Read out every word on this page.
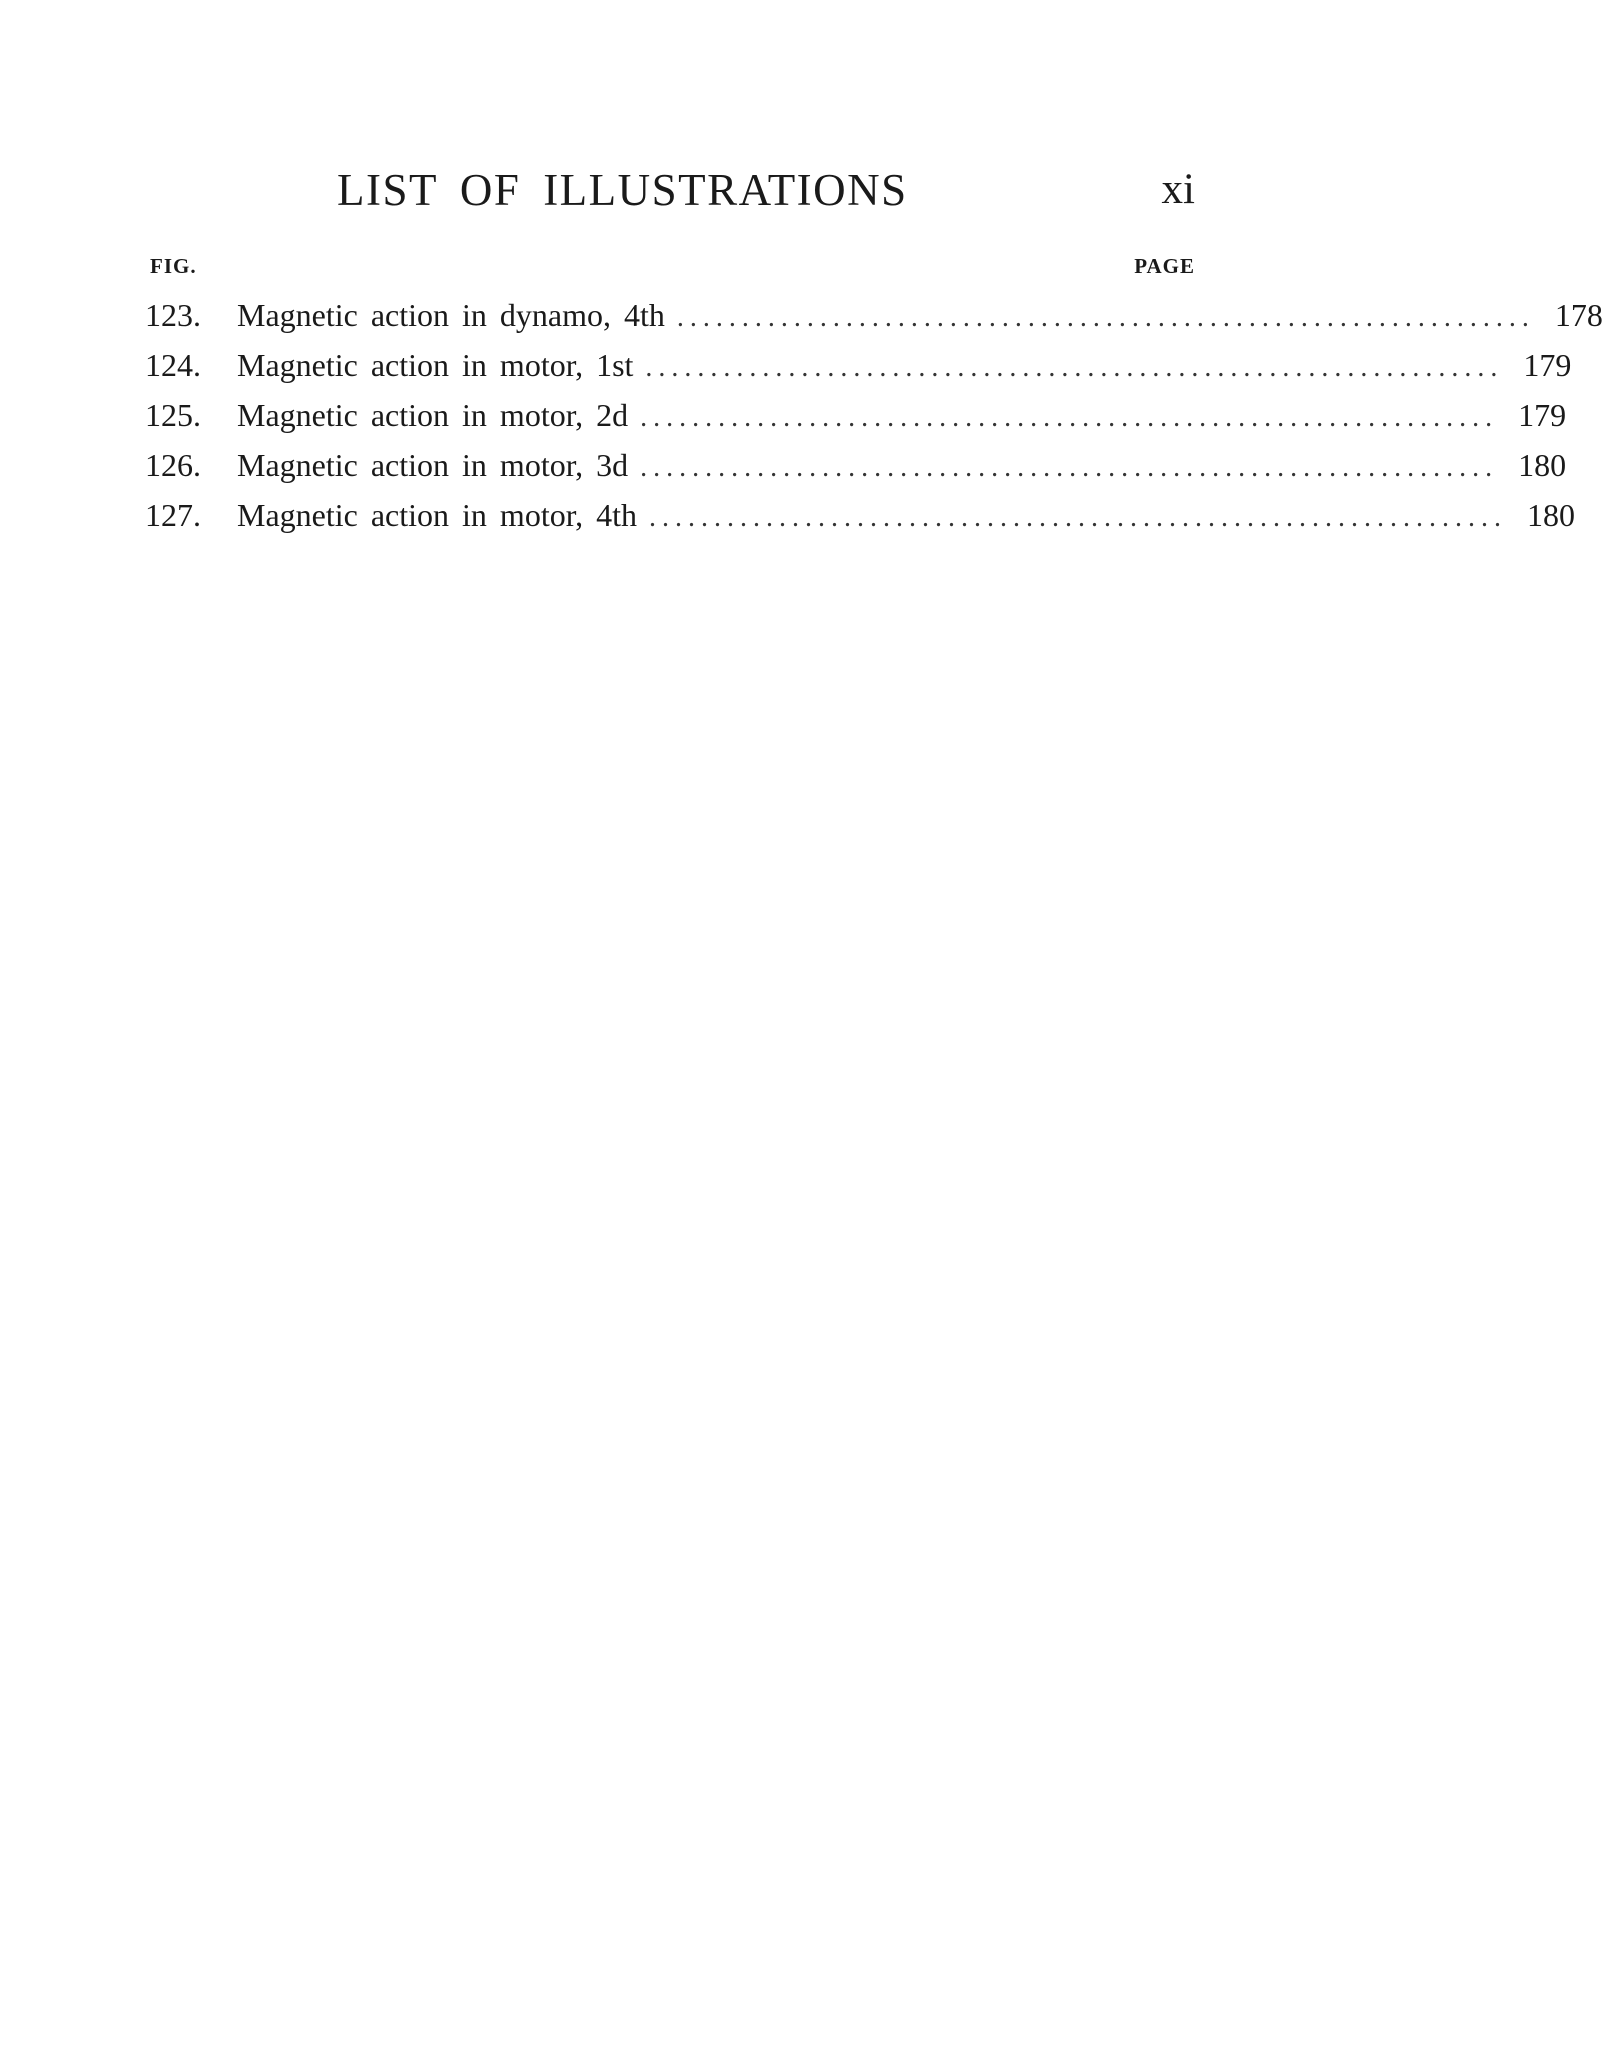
LIST OF ILLUSTRATIONS	xi
FIG.	PAGE
123.	Magnetic action in dynamo, 4th .................................................................. 178
124.	Magnetic action in motor, 1st .................................................................. 179
125.	Magnetic action in motor, 2d .................................................................. 179
126.	Magnetic action in motor, 3d .................................................................. 180
127.	Magnetic action in motor, 4th .................................................................. 180
